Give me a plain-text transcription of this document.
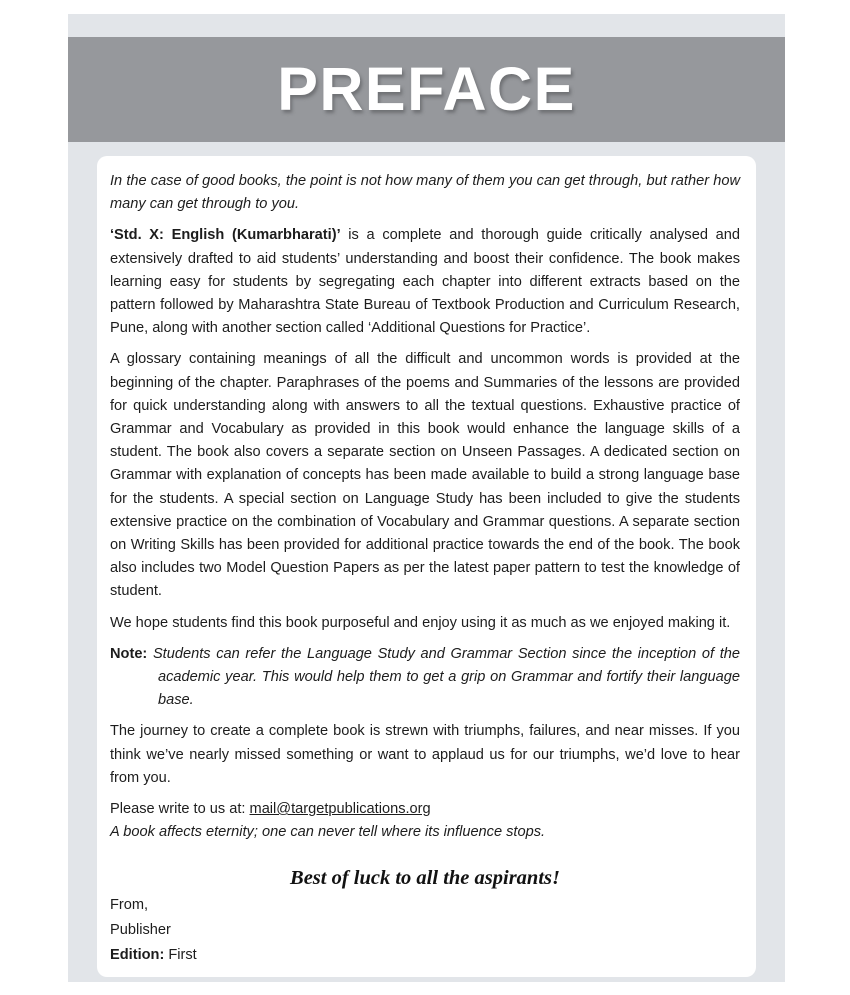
PREFACE

In the case of good books, the point is not how many of them you can get through, but rather how many can get through to you.

‘Std. X: English (Kumarbharati)’ is a complete and thorough guide critically analysed and extensively drafted to aid students’ understanding and boost their confidence. The book makes learning easy for students by segregating each chapter into different extracts based on the pattern followed by Maharashtra State Bureau of Textbook Production and Curriculum Research, Pune, along with another section called ‘Additional Questions for Practice’.

A glossary containing meanings of all the difficult and uncommon words is provided at the beginning of the chapter. Paraphrases of the poems and Summaries of the lessons are provided for quick understanding along with answers to all the textual questions. Exhaustive practice of Grammar and Vocabulary as provided in this book would enhance the language skills of a student. The book also covers a separate section on Unseen Passages. A dedicated section on Grammar with explanation of concepts has been made available to build a strong language base for the students. A special section on Language Study has been included to give the students extensive practice on the combination of Vocabulary and Grammar questions. A separate section on Writing Skills has been provided for additional practice towards the end of the book. The book also includes two Model Question Papers as per the latest paper pattern to test the knowledge of student.

We hope students find this book purposeful and enjoy using it as much as we enjoyed making it.

Note: Students can refer the Language Study and Grammar Section since the inception of the academic year. This would help them to get a grip on Grammar and fortify their language base.

The journey to create a complete book is strewn with triumphs, failures, and near misses. If you think we’ve nearly missed something or want to applaud us for our triumphs, we’d love to hear from you.

Please write to us at: mail@targetpublications.org

A book affects eternity; one can never tell where its influence stops.

Best of luck to all the aspirants!
From,
Publisher
Edition: First
